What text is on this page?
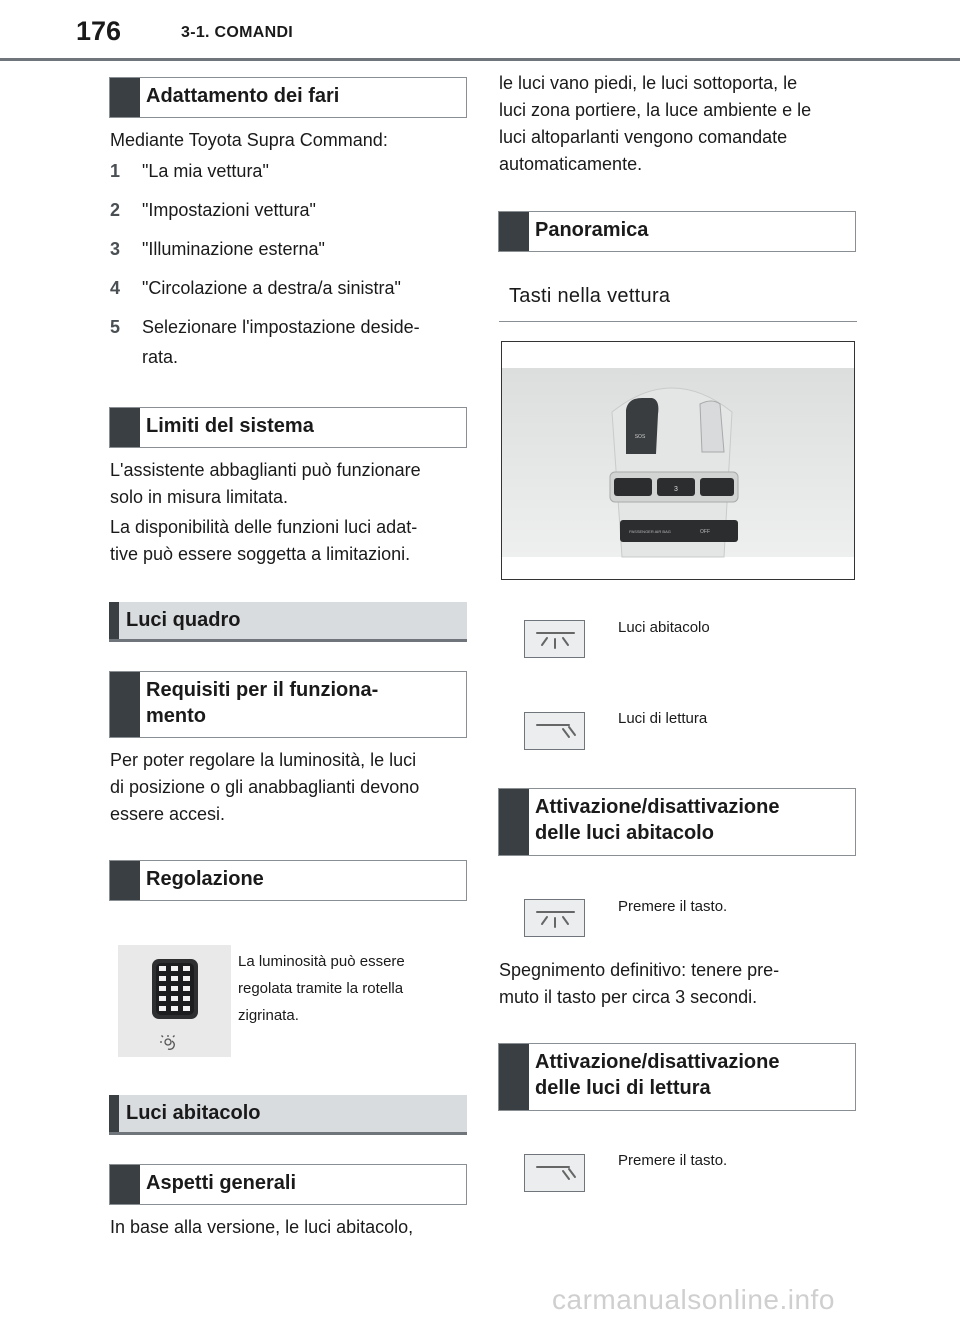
176	3-1. COMANDI
Adattamento dei fari
Mediante Toyota Supra Command:
1 "La mia vettura"
2 "Impostazioni vettura"
3 "Illuminazione esterna"
4 "Circolazione a destra/a sinistra"
5 Selezionare l'impostazione deside-
rata.
Limiti del sistema
L'assistente abbaglianti può funzionare
solo in misura limitata.
La disponibilità delle funzioni luci adat-
tive può essere soggetta a limitazioni.
Luci quadro
Requisiti per il funziona-
mento
Per poter regolare la luminosità, le luci
di posizione o gli anabbaglianti devono
essere accesi.
Regolazione
La luminosità può essere
regolata tramite la rotella
zigrinata.
Luci abitacolo
Aspetti generali
In base alla versione, le luci abitacolo,
le luci vano piedi, le luci sottoporta, le
luci zona portiere, la luce ambiente e le
luci altoparlanti vengono comandate
automaticamente.
Panoramica
Tasti nella vettura
3
PASSENGER AIR BAG	OFF
SOS
Luci abitacolo
Luci di lettura
Attivazione/disattivazione
delle luci abitacolo
Premere il tasto.
Spegnimento definitivo: tenere pre-
muto il tasto per circa 3 secondi.
Attivazione/disattivazione
delle luci di lettura
Premere il tasto.
carmanualsonline.info
